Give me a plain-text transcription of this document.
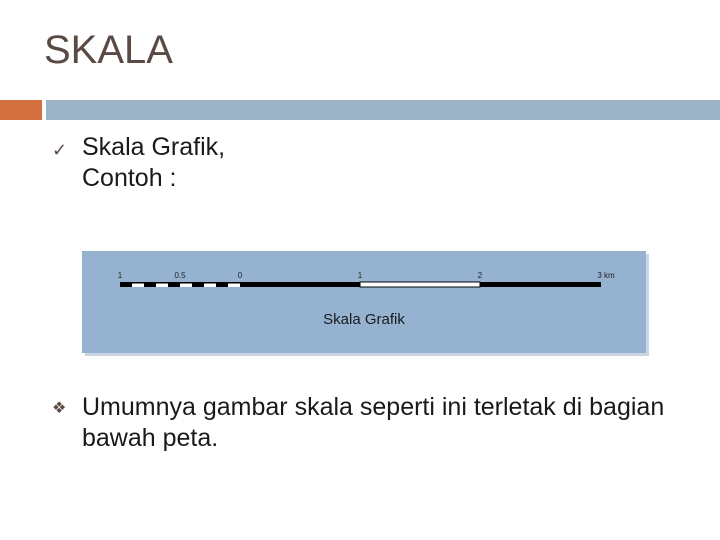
SKALA
✓ Skala Grafik,
Contoh :
1	0.5	0	1	2	3 km
Skala Grafik
❖ Umumnya gambar skala seperti ini terletak di bagian bawah peta.
